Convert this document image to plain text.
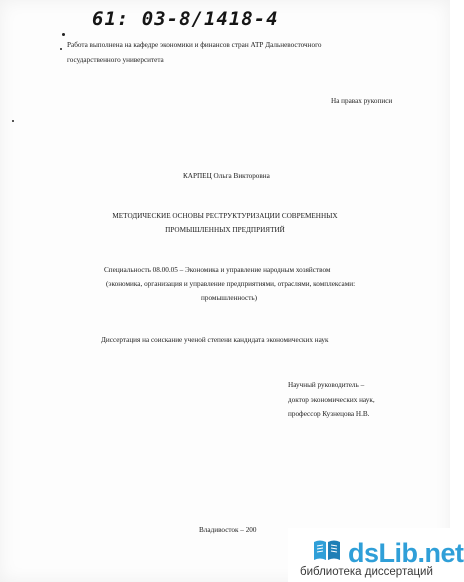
61: 03-8/1418-4
Работа выполнена на кафедре экономики и финансов стран АТР Дальневосточного
государственного университета
На правах рукописи
КАРПЕЦ Ольга Викторовна
МЕТОДИЧЕСКИЕ ОСНОВЫ РЕСТРУКТУРИЗАЦИИ СОВРЕМЕННЫХ
ПРОМЫШЛЕННЫХ ПРЕДПРИЯТИЙ
Специальность 08.00.05 – Экономика и управление народным хозяйством
(экономика, организация и управление предприятиями, отраслями, комплексами:
промышленность)
Диссертация на соискание ученой степени кандидата экономических наук
Научный руководитель –
доктор экономических наук,
профессор Кузнецова Н.В.
Владивосток – 200
dsLib.net
библиотека диссертаций
